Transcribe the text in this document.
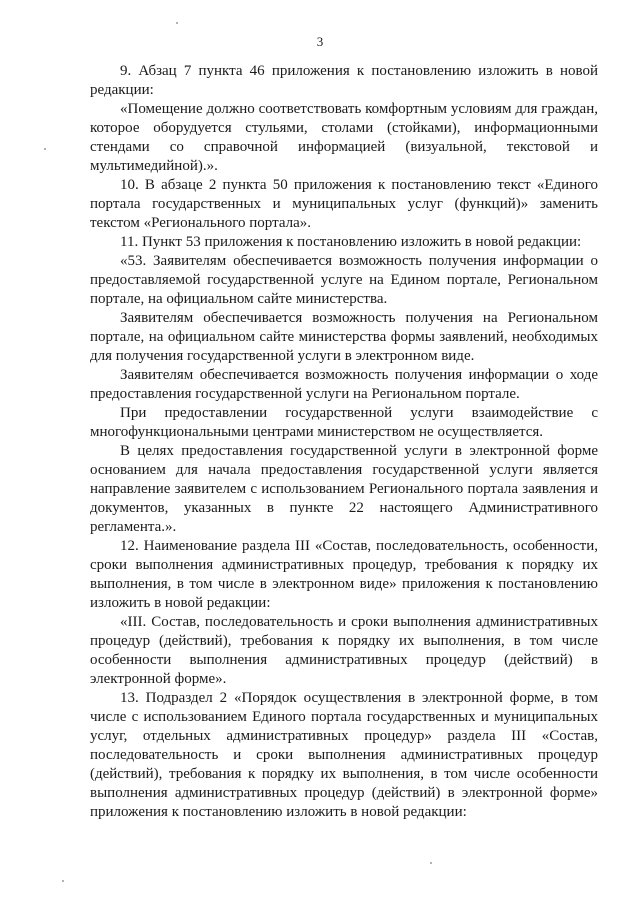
3

9. Абзац 7 пункта 46 приложения к постановлению изложить в новой редакции:

«Помещение должно соответствовать комфортным условиям для граждан, которое оборудуется стульями, столами (стойками), информационными стендами со справочной информацией (визуальной, текстовой и мультимедийной).».

10. В абзаце 2 пункта 50 приложения к постановлению текст «Единого портала государственных и муниципальных услуг (функций)» заменить текстом «Регионального портала».

11. Пункт 53 приложения к постановлению изложить в новой редакции:

«53. Заявителям обеспечивается возможность получения информации о предоставляемой государственной услуге на Едином портале, Региональном портале, на официальном сайте министерства.

Заявителям обеспечивается возможность получения на Региональном портале, на официальном сайте министерства формы заявлений, необходимых для получения государственной услуги в электронном виде.

Заявителям обеспечивается возможность получения информации о ходе предоставления государственной услуги на Региональном портале.

При предоставлении государственной услуги взаимодействие с многофункциональными центрами министерством не осуществляется.

В целях предоставления государственной услуги в электронной форме основанием для начала предоставления государственной услуги является направление заявителем с использованием Регионального портала заявления и документов, указанных в пункте 22 настоящего Административного регламента.».

12. Наименование раздела III «Состав, последовательность, особенности, сроки выполнения административных процедур, требования к порядку их выполнения, в том числе в электронном виде» приложения к постановлению изложить в новой редакции:

«III. Состав, последовательность и сроки выполнения административных процедур (действий), требования к порядку их выполнения, в том числе особенности выполнения административных процедур (действий) в электронной форме».

13. Подраздел 2 «Порядок осуществления в электронной форме, в том числе с использованием Единого портала государственных и муниципальных услуг, отдельных административных процедур» раздела III «Состав, последовательность и сроки выполнения административных процедур (действий), требования к порядку их выполнения, в том числе особенности выполнения административных процедур (действий) в электронной форме» приложения к постановлению изложить в новой редакции:
